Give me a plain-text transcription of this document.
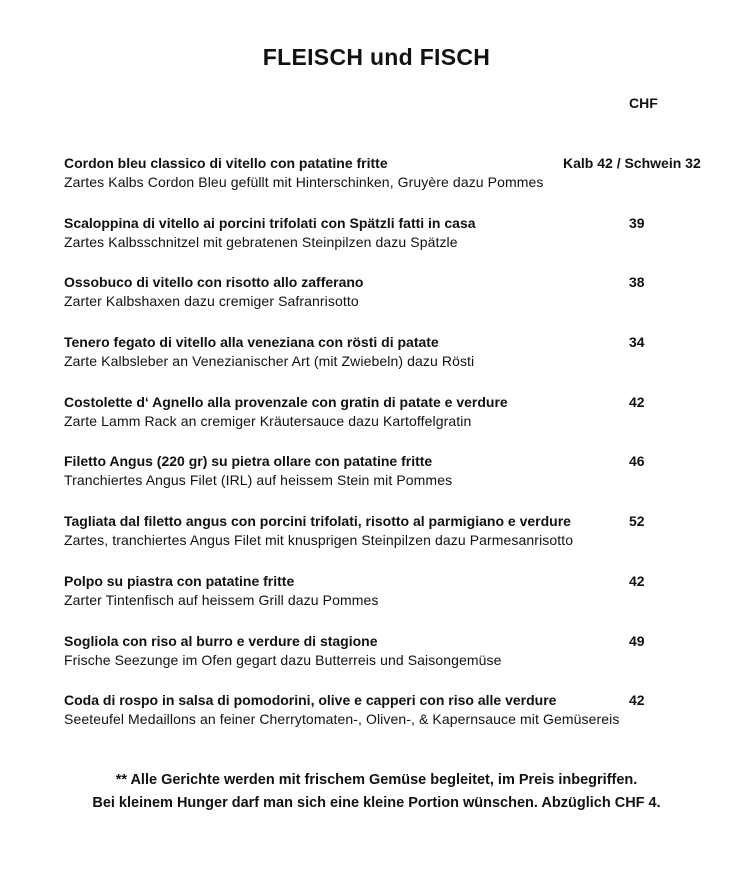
FLEISCH und FISCH
CHF
Cordon bleu classico di vitello con patatine fritte
Zartes Kalbs Cordon Bleu gefüllt mit Hinterschinken, Gruyère dazu Pommes
Kalb 42 / Schwein 32
Scaloppina di vitello ai porcini trifolati con Spätzli fatti in casa
Zartes Kalbsschnitzel mit gebratenen Steinpilzen dazu Spätzle
39
Ossobuco di vitello con risotto allo zafferano
Zarter Kalbshaxen dazu cremiger Safranrisotto
38
Tenero fegato di vitello alla veneziana con rösti di patate
Zarte Kalbsleber an Venezianischer Art (mit Zwiebeln) dazu Rösti
34
Costolette d‘ Agnello alla provenzale con gratin di patate e verdure
Zarte Lamm Rack an cremiger Kräutersauce dazu Kartoffelgratin
42
Filetto Angus (220 gr) su pietra ollare con patatine fritte
Tranchiertes Angus Filet (IRL) auf heissem Stein mit Pommes
46
Tagliata dal filetto angus con porcini trifolati, risotto al parmigiano e verdure
Zartes, tranchiertes Angus Filet mit knusprigen Steinpilzen dazu Parmesanrisotto
52
Polpo su piastra con patatine fritte
Zarter Tintenfisch auf heissem Grill dazu Pommes
42
Sogliola con riso al burro e verdure di stagione
Frische Seezunge im Ofen gegart dazu Butterreis und Saisongemüse
49
Coda di rospo in salsa di pomodorini, olive e capperi con riso alle verdure
Seeteufel Medaillons an feiner Cherrytomaten-, Oliven-, & Kapernsauce mit Gemüsereis
42
** Alle Gerichte werden mit frischem Gemüse begleitet, im Preis inbegriffen.
Bei kleinem Hunger darf man sich eine kleine Portion wünschen. Abzüglich CHF 4.
